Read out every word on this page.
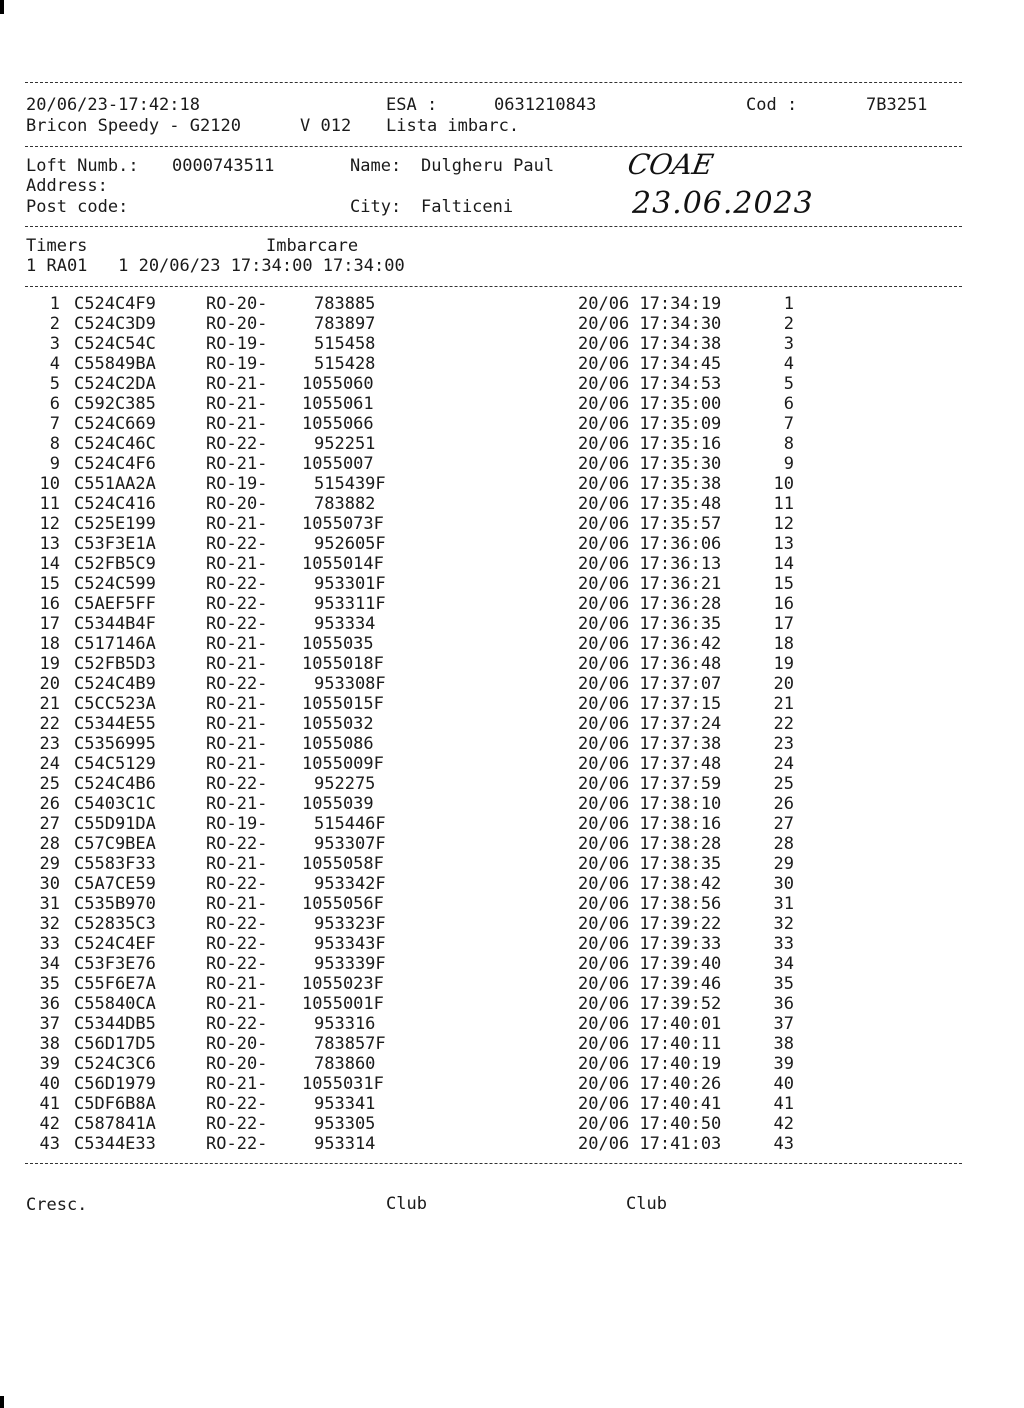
20/06/23-17:42:18	ESA :	0631210843	Cod :	7B3251
Bricon Speedy - G2120	V 012 Lista imbarc.
Loft Numb.: 0000743511	Name: Dulgheru Paul
Address:
Post code:	City: Falticeni
COAE
23.06.2023
Timers	Imbarcare
1 RA01   1 20/06/23 17:34:00 17:34:00
1 C524C4F9	RO-20-	783885	20/06 17:34:19	1
2 C524C3D9	RO-20-	783897	20/06 17:34:30	2
3 C524C54C	RO-19-	515458	20/06 17:34:38	3
4 C55849BA	RO-19-	515428	20/06 17:34:45	4
5 C524C2DA	RO-21- 1055060	20/06 17:34:53	5
6 C592C385	RO-21- 1055061	20/06 17:35:00	6
7 C524C669	RO-21- 1055066	20/06 17:35:09	7
8 C524C46C	RO-22-	952251	20/06 17:35:16	8
9 C524C4F6	RO-21- 1055007	20/06 17:35:30	9
10 C551AA2A	RO-19-	515439F	20/06 17:35:38	10
11 C524C416	RO-20-	783882	20/06 17:35:48	11
12 C525E199	RO-21- 1055073F	20/06 17:35:57	12
13 C53F3E1A	RO-22-	952605F	20/06 17:36:06	13
14 C52FB5C9	RO-21- 1055014F	20/06 17:36:13	14
15 C524C599	RO-22-	953301F	20/06 17:36:21	15
16 C5AEF5FF	RO-22-	953311F	20/06 17:36:28	16
17 C5344B4F	RO-22-	953334	20/06 17:36:35	17
18 C517146A	RO-21- 1055035	20/06 17:36:42	18
19 C52FB5D3	RO-21- 1055018F	20/06 17:36:48	19
20 C524C4B9	RO-22-	953308F	20/06 17:37:07	20
21 C5CC523A	RO-21- 1055015F	20/06 17:37:15	21
22 C5344E55	RO-21- 1055032	20/06 17:37:24	22
23 C5356995	RO-21- 1055086	20/06 17:37:38	23
24 C54C5129	RO-21- 1055009F	20/06 17:37:48	24
25 C524C4B6	RO-22-	952275	20/06 17:37:59	25
26 C5403C1C	RO-21- 1055039	20/06 17:38:10	26
27 C55D91DA	RO-19-	515446F	20/06 17:38:16	27
28 C57C9BEA	RO-22-	953307F	20/06 17:38:28	28
29 C5583F33	RO-21- 1055058F	20/06 17:38:35	29
30 C5A7CE59	RO-22-	953342F	20/06 17:38:42	30
31 C535B970	RO-21- 1055056F	20/06 17:38:56	31
32 C52835C3	RO-22-	953323F	20/06 17:39:22	32
33 C524C4EF	RO-22-	953343F	20/06 17:39:33	33
34 C53F3E76	RO-22-	953339F	20/06 17:39:40	34
35 C55F6E7A	RO-21- 1055023F	20/06 17:39:46	35
36 C55840CA	RO-21- 1055001F	20/06 17:39:52	36
37 C5344DB5	RO-22-	953316	20/06 17:40:01	37
38 C56D17D5	RO-20-	783857F	20/06 17:40:11	38
39 C524C3C6	RO-20-	783860	20/06 17:40:19	39
40 C56D1979	RO-21- 1055031F	20/06 17:40:26	40
41 C5DF6B8A	RO-22-	953341	20/06 17:40:41	41
42 C587841A	RO-22-	953305	20/06 17:40:50	42
43 C5344E33	RO-22-	953314	20/06 17:41:03	43
Cresc.	Club	Club
